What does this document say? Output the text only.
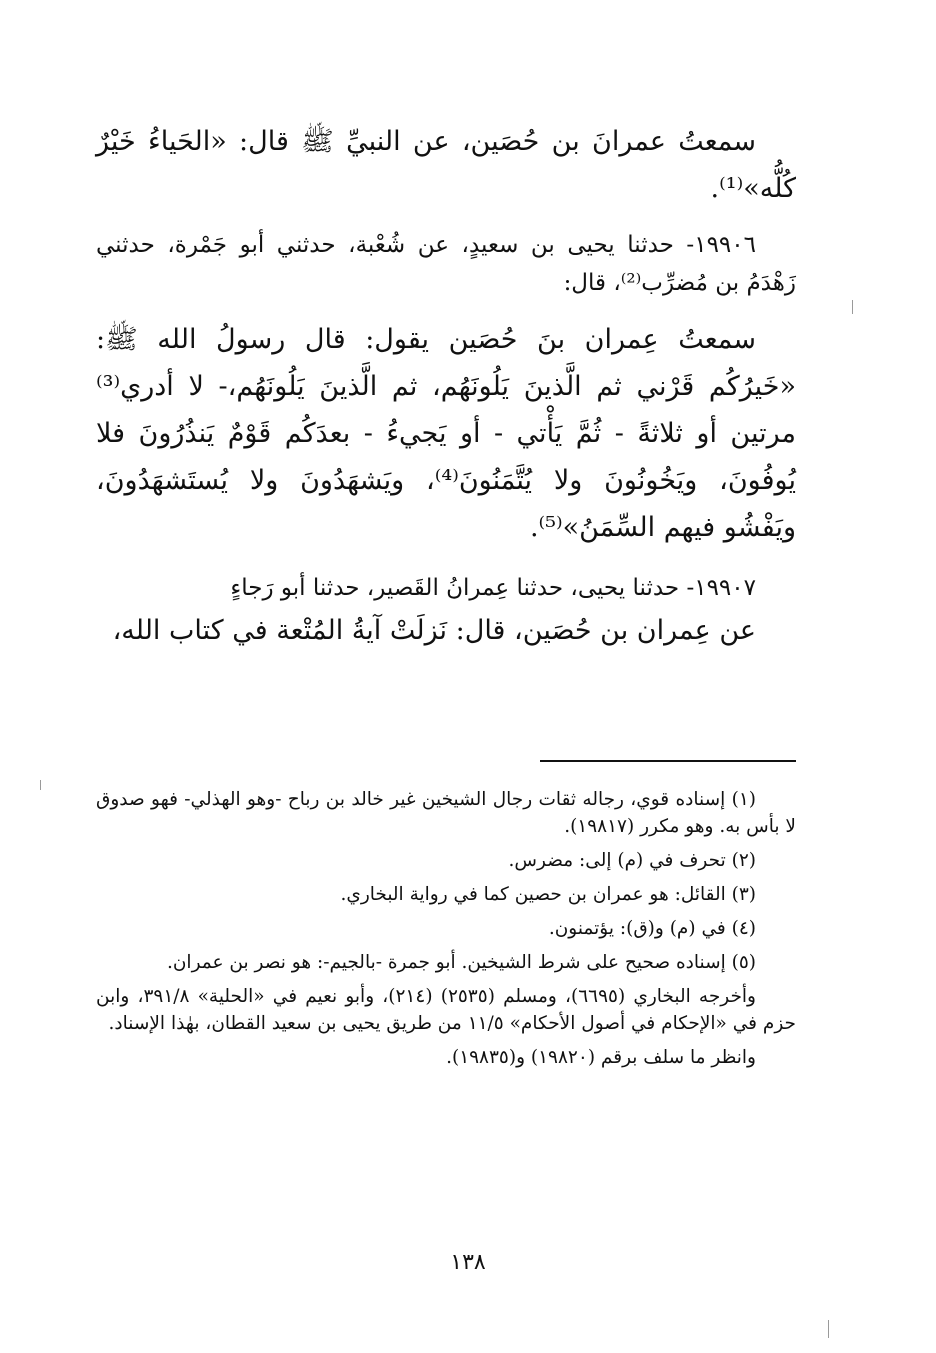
سمعتُ عمرانَ بن حُصَين، عن النبيِّ ﷺ قال: «الحَياءُ خَيْرٌ كُلُّه»⁽¹⁾.

١٩٩٠٦- حدثنا يحيى بن سعيدٍ، عن شُعْبة، حدثني أبو جَمْرة، حدثني زَهْدَمُ بن مُضرِّب⁽²⁾، قال:

سمعتُ عِمران بنَ حُصَين يقول: قال رسولُ الله ﷺ: «خَيرُكُم قَرْني ثم الَّذينَ يَلُونَهُم، ثم الَّذينَ يَلُونَهُم،- لا أدري⁽³⁾ مرتين أو ثلاثةً - ثُمَّ يَأْتي - أو يَجيءُ - بعدَكُم قَوْمٌ يَنذُرُونَ فلا يُوفُونَ، ويَخُونُونَ ولا يُتَّمَنُونَ⁽⁴⁾، ويَشهَدُونَ ولا يُستَشهَدُونَ، ويَفْشُو فيهم السِّمَنُ»⁽⁵⁾.

١٩٩٠٧- حدثنا يحيى، حدثنا عِمرانُ القَصير، حدثنا أبو رَجاءٍ

عن عِمران بن حُصَين، قال: نَزلَتْ آيةُ المُتْعة في كتاب الله،

(١) إسناده قوي، رجاله ثقات رجال الشيخين غير خالد بن رباح -وهو الهذلي- فهو صدوق لا بأس به. وهو مكرر (١٩٨١٧).

(٢) تحرف في (م) إلى: مضرس.

(٣) القائل: هو عمران بن حصين كما في رواية البخاري.

(٤) في (م) و(ق): يؤتمنون.

(٥) إسناده صحيح على شرط الشيخين. أبو جمرة -بالجيم-: هو نصر بن عمران.

وأخرجه البخاري (٦٦٩٥)، ومسلم (٢٥٣٥) (٢١٤)، وأبو نعيم في «الحلية» ٣٩١/٨، وابن حزم في «الإحكام في أصول الأحكام» ١١/٥ من طريق يحيى بن سعيد القطان، بهٰذا الإسناد.

وانظر ما سلف برقم (١٩٨٢٠) و(١٩٨٣٥).

١٣٨
